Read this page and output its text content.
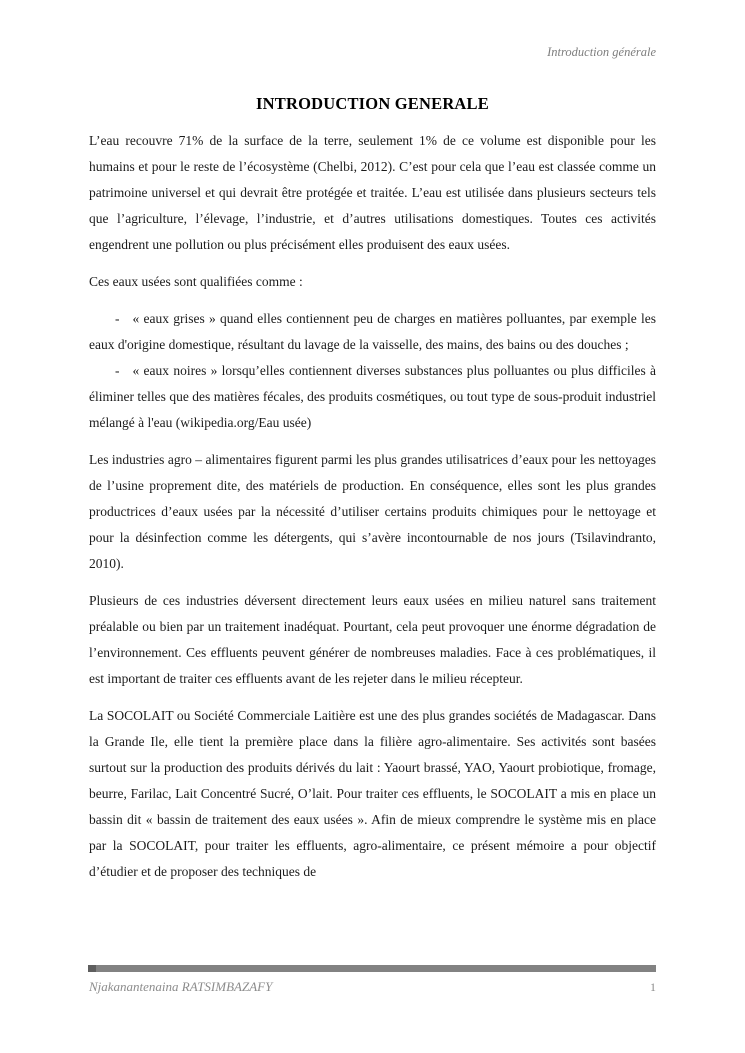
Introduction générale
INTRODUCTION GENERALE

L’eau recouvre 71% de la surface de la terre, seulement 1% de ce volume est disponible pour les humains et pour le reste de l’écosystème (Chelbi, 2012). C’est pour cela que l’eau est classée comme un patrimoine universel et qui devrait être protégée et traitée. L’eau est utilisée dans plusieurs secteurs tels que l’agriculture, l’élevage, l’industrie, et d’autres utilisations domestiques. Toutes ces activités engendrent une pollution ou plus précisément elles produisent des eaux usées.

Ces eaux usées sont qualifiées comme :

- « eaux grises » quand elles contiennent peu de charges en matières polluantes, par exemple les eaux d'origine domestique, résultant du lavage de la vaisselle, des mains, des bains ou des douches ;

- « eaux noires » lorsqu’elles contiennent diverses substances plus polluantes ou plus difficiles à éliminer telles que des matières fécales, des produits cosmétiques, ou tout type de sous-produit industriel mélangé à l'eau (wikipedia.org/Eau usée)

Les industries agro – alimentaires figurent parmi les plus grandes utilisatrices d’eaux pour les nettoyages de l’usine proprement dite, des matériels de production. En conséquence, elles sont les plus grandes productrices d’eaux usées par la nécessité d’utiliser certains produits chimiques pour le nettoyage et pour la désinfection comme les détergents, qui s’avère incontournable de nos jours (Tsilavindranto, 2010).

Plusieurs de ces industries déversent directement leurs eaux usées en milieu naturel sans traitement préalable ou bien par un traitement inadéquat. Pourtant, cela peut provoquer une énorme dégradation de l’environnement. Ces effluents peuvent générer de nombreuses maladies. Face à ces problématiques, il est important de traiter ces effluents avant de les rejeter dans le milieu récepteur.

La SOCOLAIT ou Société Commerciale Laitière est une des plus grandes sociétés de Madagascar. Dans la Grande Ile, elle tient la première place dans la filière agro-alimentaire. Ses activités sont basées surtout sur la production des produits dérivés du lait : Yaourt brassé, YAO, Yaourt probiotique, fromage, beurre, Farilac, Lait Concentré Sucré, O’lait. Pour traiter ces effluents, le SOCOLAIT a mis en place un bassin dit « bassin de traitement des eaux usées ». Afin de mieux comprendre le système mis en place par la SOCOLAIT, pour traiter les effluents, agro-alimentaire, ce présent mémoire a pour objectif d’étudier et de proposer des techniques de

Njakanantenaina RATSIMBAZAFY	1
